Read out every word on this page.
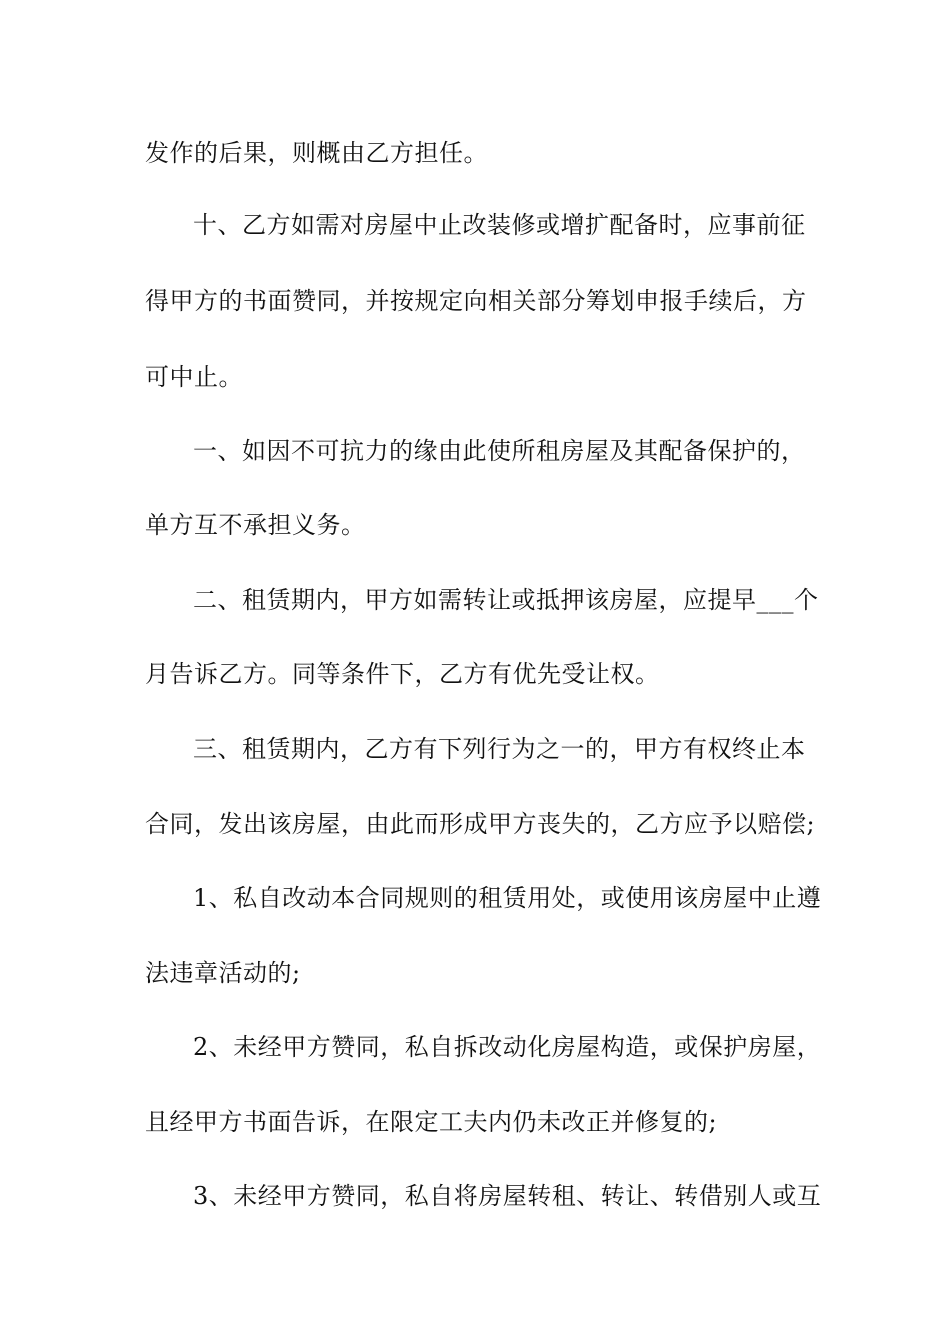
发作的后果，则概由乙方担任。
十、乙方如需对房屋中止改装修或增扩配备时，应事前征
得甲方的书面赞同，并按规定向相关部分筹划申报手续后，方
可中止。
一、如因不可抗力的缘由此使所租房屋及其配备保护的，
单方互不承担义务。
二、租赁期内，甲方如需转让或抵押该房屋，应提早___个
月告诉乙方。同等条件下，乙方有优先受让权。
三、租赁期内，乙方有下列行为之一的，甲方有权终止本
合同，发出该房屋，由此而形成甲方丧失的，乙方应予以赔偿;
1、私自改动本合同规则的租赁用处，或使用该房屋中止遵
法违章活动的;
2、未经甲方赞同，私自拆改动化房屋构造，或保护房屋，
且经甲方书面告诉，在限定工夫内仍未改正并修复的;
3、未经甲方赞同，私自将房屋转租、转让、转借别人或互
